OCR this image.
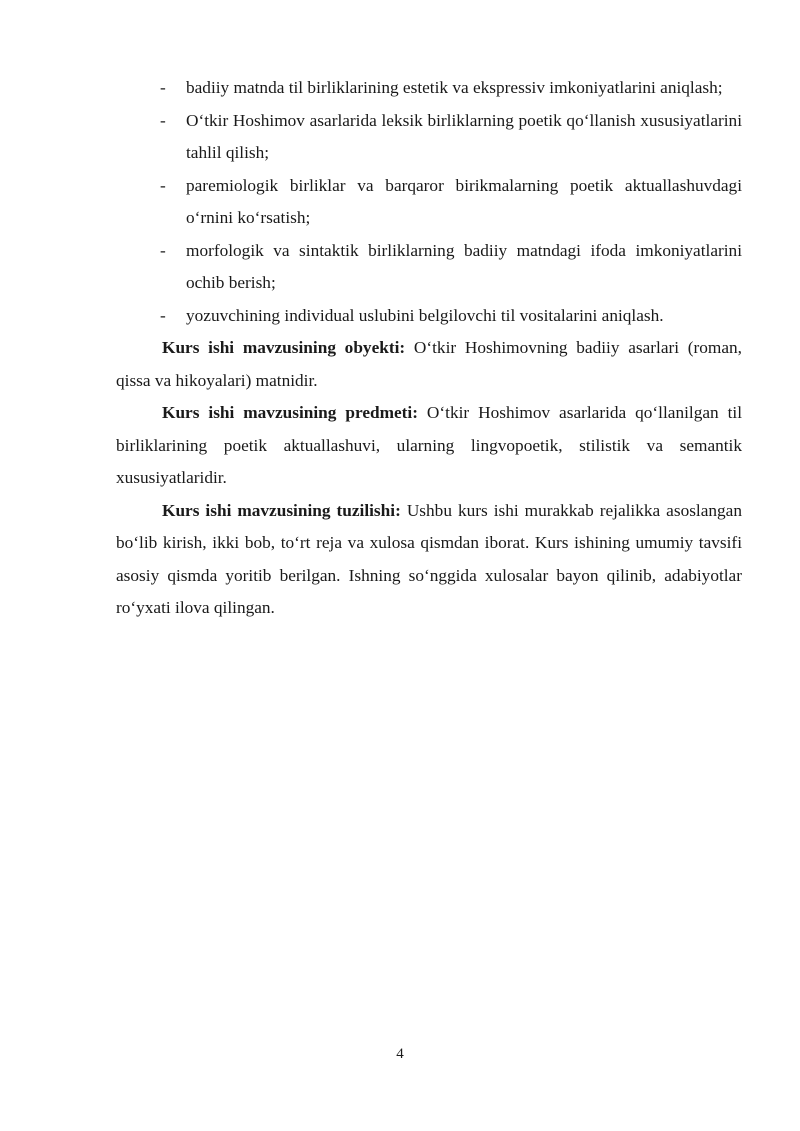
- badiiy matnda til birliklarining estetik va ekspressiv imkoniyatlarini aniqlash;
- O‘tkir Hoshimov asarlarida leksik birliklarning poetik qo‘llanish xususiyatlarini tahlil qilish;
- paremiologik birliklar va barqaror birikmalarning poetik aktuallashuvdagi o‘rnini ko‘rsatish;
- morfologik va sintaktik birliklarning badiiy matndagi ifoda imkoniyatlarini ochib berish;
- yozuvchining individual uslubini belgilovchi til vositalarini aniqlash.

Kurs ishi mavzusining obyekti: O‘tkir Hoshimovning badiiy asarlari (roman, qissa va hikoyalari) matnidir.

Kurs ishi mavzusining predmeti: O‘tkir Hoshimov asarlarida qo‘llanilgan til birliklarining poetik aktuallashuvi, ularning lingvopoetik, stilistik va semantik xususiyatlaridir.

Kurs ishi mavzusining tuzilishi: Ushbu kurs ishi murakkab rejalikka asoslangan bo‘lib kirish, ikki bob, to‘rt reja va xulosa qismdan iborat. Kurs ishining umumiy tavsifi asosiy qismda yoritib berilgan. Ishning so‘nggida xulosalar bayon qilinib, adabiyotlar ro‘yxati ilova qilingan.

4
